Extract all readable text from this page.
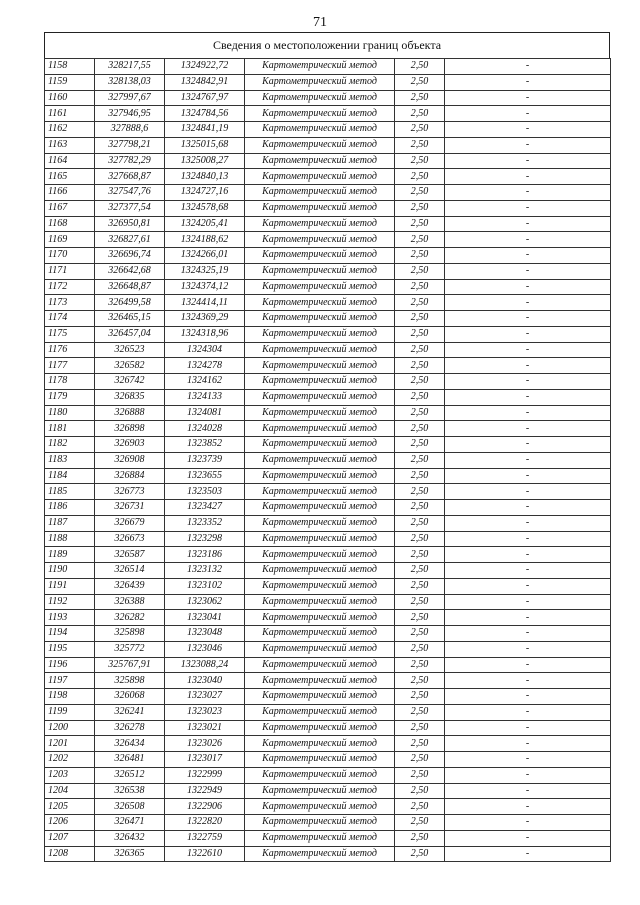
71
Сведения о местоположении границ объекта
1158	328217,55	1324922,72	Картометрический метод	2,50	-
1159	328138,03	1324842,91	Картометрический метод	2,50	-
1160	327997,67	1324767,97	Картометрический метод	2,50	-
1161	327946,95	1324784,56	Картометрический метод	2,50	-
1162	327888,6	1324841,19	Картометрический метод	2,50	-
1163	327798,21	1325015,68	Картометрический метод	2,50	-
1164	327782,29	1325008,27	Картометрический метод	2,50	-
1165	327668,87	1324840,13	Картометрический метод	2,50	-
1166	327547,76	1324727,16	Картометрический метод	2,50	-
1167	327377,54	1324578,68	Картометрический метод	2,50	-
1168	326950,81	1324205,41	Картометрический метод	2,50	-
1169	326827,61	1324188,62	Картометрический метод	2,50	-
1170	326696,74	1324266,01	Картометрический метод	2,50	-
1171	326642,68	1324325,19	Картометрический метод	2,50	-
1172	326648,87	1324374,12	Картометрический метод	2,50	-
1173	326499,58	1324414,11	Картометрический метод	2,50	-
1174	326465,15	1324369,29	Картометрический метод	2,50	-
1175	326457,04	1324318,96	Картометрический метод	2,50	-
1176	326523	1324304	Картометрический метод	2,50	-
1177	326582	1324278	Картометрический метод	2,50	-
1178	326742	1324162	Картометрический метод	2,50	-
1179	326835	1324133	Картометрический метод	2,50	-
1180	326888	1324081	Картометрический метод	2,50	-
1181	326898	1324028	Картометрический метод	2,50	-
1182	326903	1323852	Картометрический метод	2,50	-
1183	326908	1323739	Картометрический метод	2,50	-
1184	326884	1323655	Картометрический метод	2,50	-
1185	326773	1323503	Картометрический метод	2,50	-
1186	326731	1323427	Картометрический метод	2,50	-
1187	326679	1323352	Картометрический метод	2,50	-
1188	326673	1323298	Картометрический метод	2,50	-
1189	326587	1323186	Картометрический метод	2,50	-
1190	326514	1323132	Картометрический метод	2,50	-
1191	326439	1323102	Картометрический метод	2,50	-
1192	326388	1323062	Картометрический метод	2,50	-
1193	326282	1323041	Картометрический метод	2,50	-
1194	325898	1323048	Картометрический метод	2,50	-
1195	325772	1323046	Картометрический метод	2,50	-
1196	325767,91	1323088,24	Картометрический метод	2,50	-
1197	325898	1323040	Картометрический метод	2,50	-
1198	326068	1323027	Картометрический метод	2,50	-
1199	326241	1323023	Картометрический метод	2,50	-
1200	326278	1323021	Картометрический метод	2,50	-
1201	326434	1323026	Картометрический метод	2,50	-
1202	326481	1323017	Картометрический метод	2,50	-
1203	326512	1322999	Картометрический метод	2,50	-
1204	326538	1322949	Картометрический метод	2,50	-
1205	326508	1322906	Картометрический метод	2,50	-
1206	326471	1322820	Картометрический метод	2,50	-
1207	326432	1322759	Картометрический метод	2,50	-
1208	326365	1322610	Картометрический метод	2,50	-
